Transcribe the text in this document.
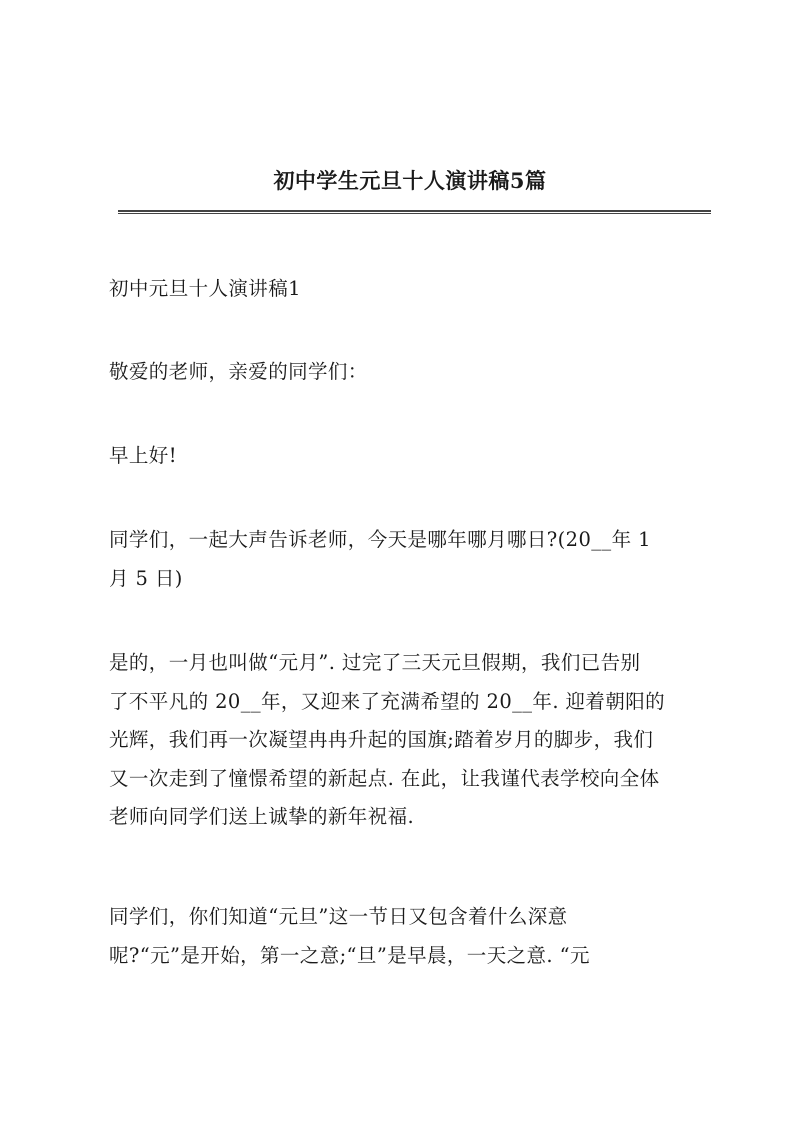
初中学生元旦十人演讲稿5篇

初中元旦十人演讲稿1

敬爱的老师，亲爱的同学们：

早上好!

同学们，一起大声告诉老师，今天是哪年哪月哪日?(20__年 1
月 5 日)
是的，一月也叫做“元月”. 过完了三天元旦假期，我们已告别
了不平凡的 20__年，又迎来了充满希望的 20__年. 迎着朝阳的
光辉，我们再一次凝望冉冉升起的国旗;踏着岁月的脚步，我们
又一次走到了憧憬希望的新起点. 在此，让我谨代表学校向全体
老师向同学们送上诚挚的新年祝福.
同学们，你们知道“元旦”这一节日又包含着什么深意
呢?“元”是开始，第一之意;“旦”是早晨，一天之意. “元
